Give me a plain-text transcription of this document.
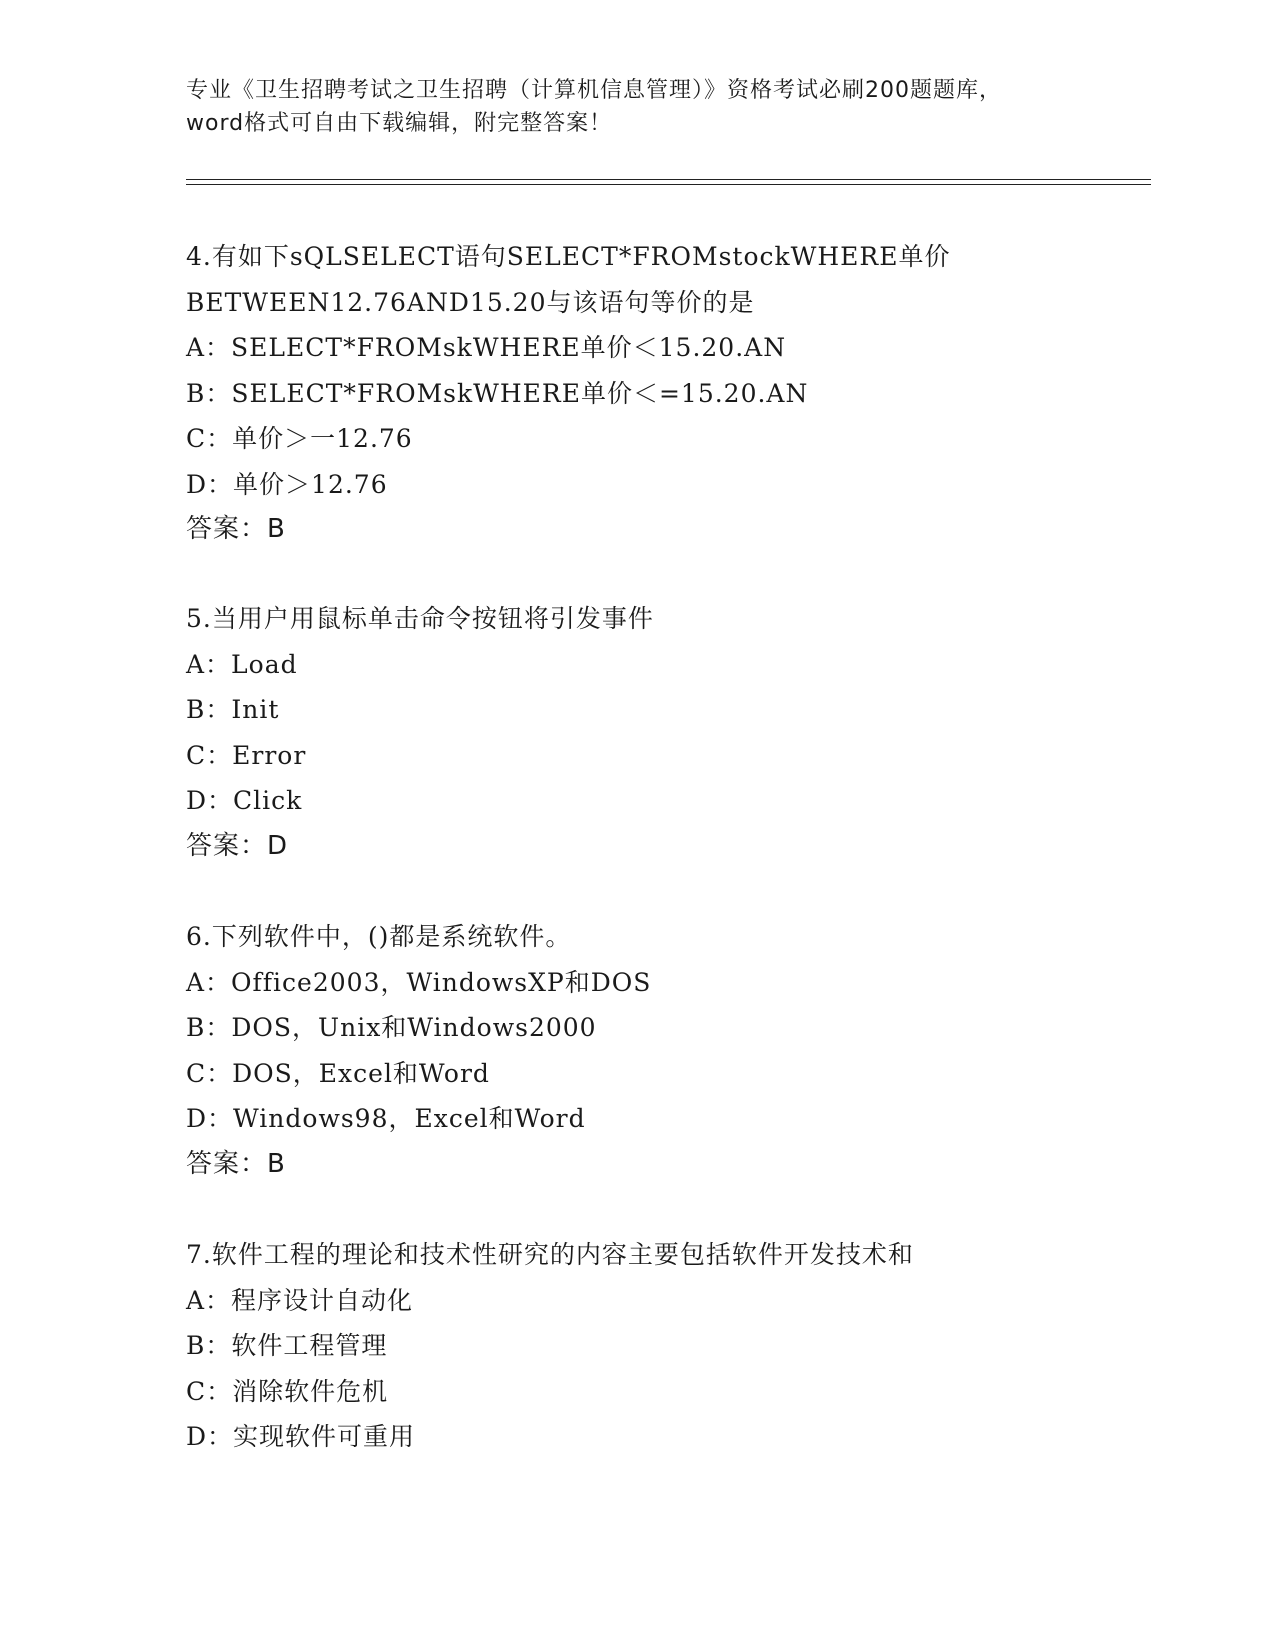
专业《卫生招聘考试之卫生招聘（计算机信息管理）》资格考试必刷200题题库，
word格式可自由下载编辑，附完整答案！
4.有如下sQLSELECT语句SELECT*FROMstockWHERE单价
BETWEEN12.76AND15.20与该语句等价的是
A：SELECT*FROMskWHERE单价＜15.20.AN
B：SELECT*FROMskWHERE单价＜=15.20.AN
C：单价＞一12.76
D：单价＞12.76
答案：B
5.当用户用鼠标单击命令按钮将引发事件
A：Load
B：Init
C：Error
D：Click
答案：D
6.下列软件中，()都是系统软件。
A：Office2003，WindowsXP和DOS
B：DOS，Unix和Windows2000
C：DOS，Excel和Word
D：Windows98，Excel和Word
答案：B
7.软件工程的理论和技术性研究的内容主要包括软件开发技术和
A：程序设计自动化
B：软件工程管理
C：消除软件危机
D：实现软件可重用
